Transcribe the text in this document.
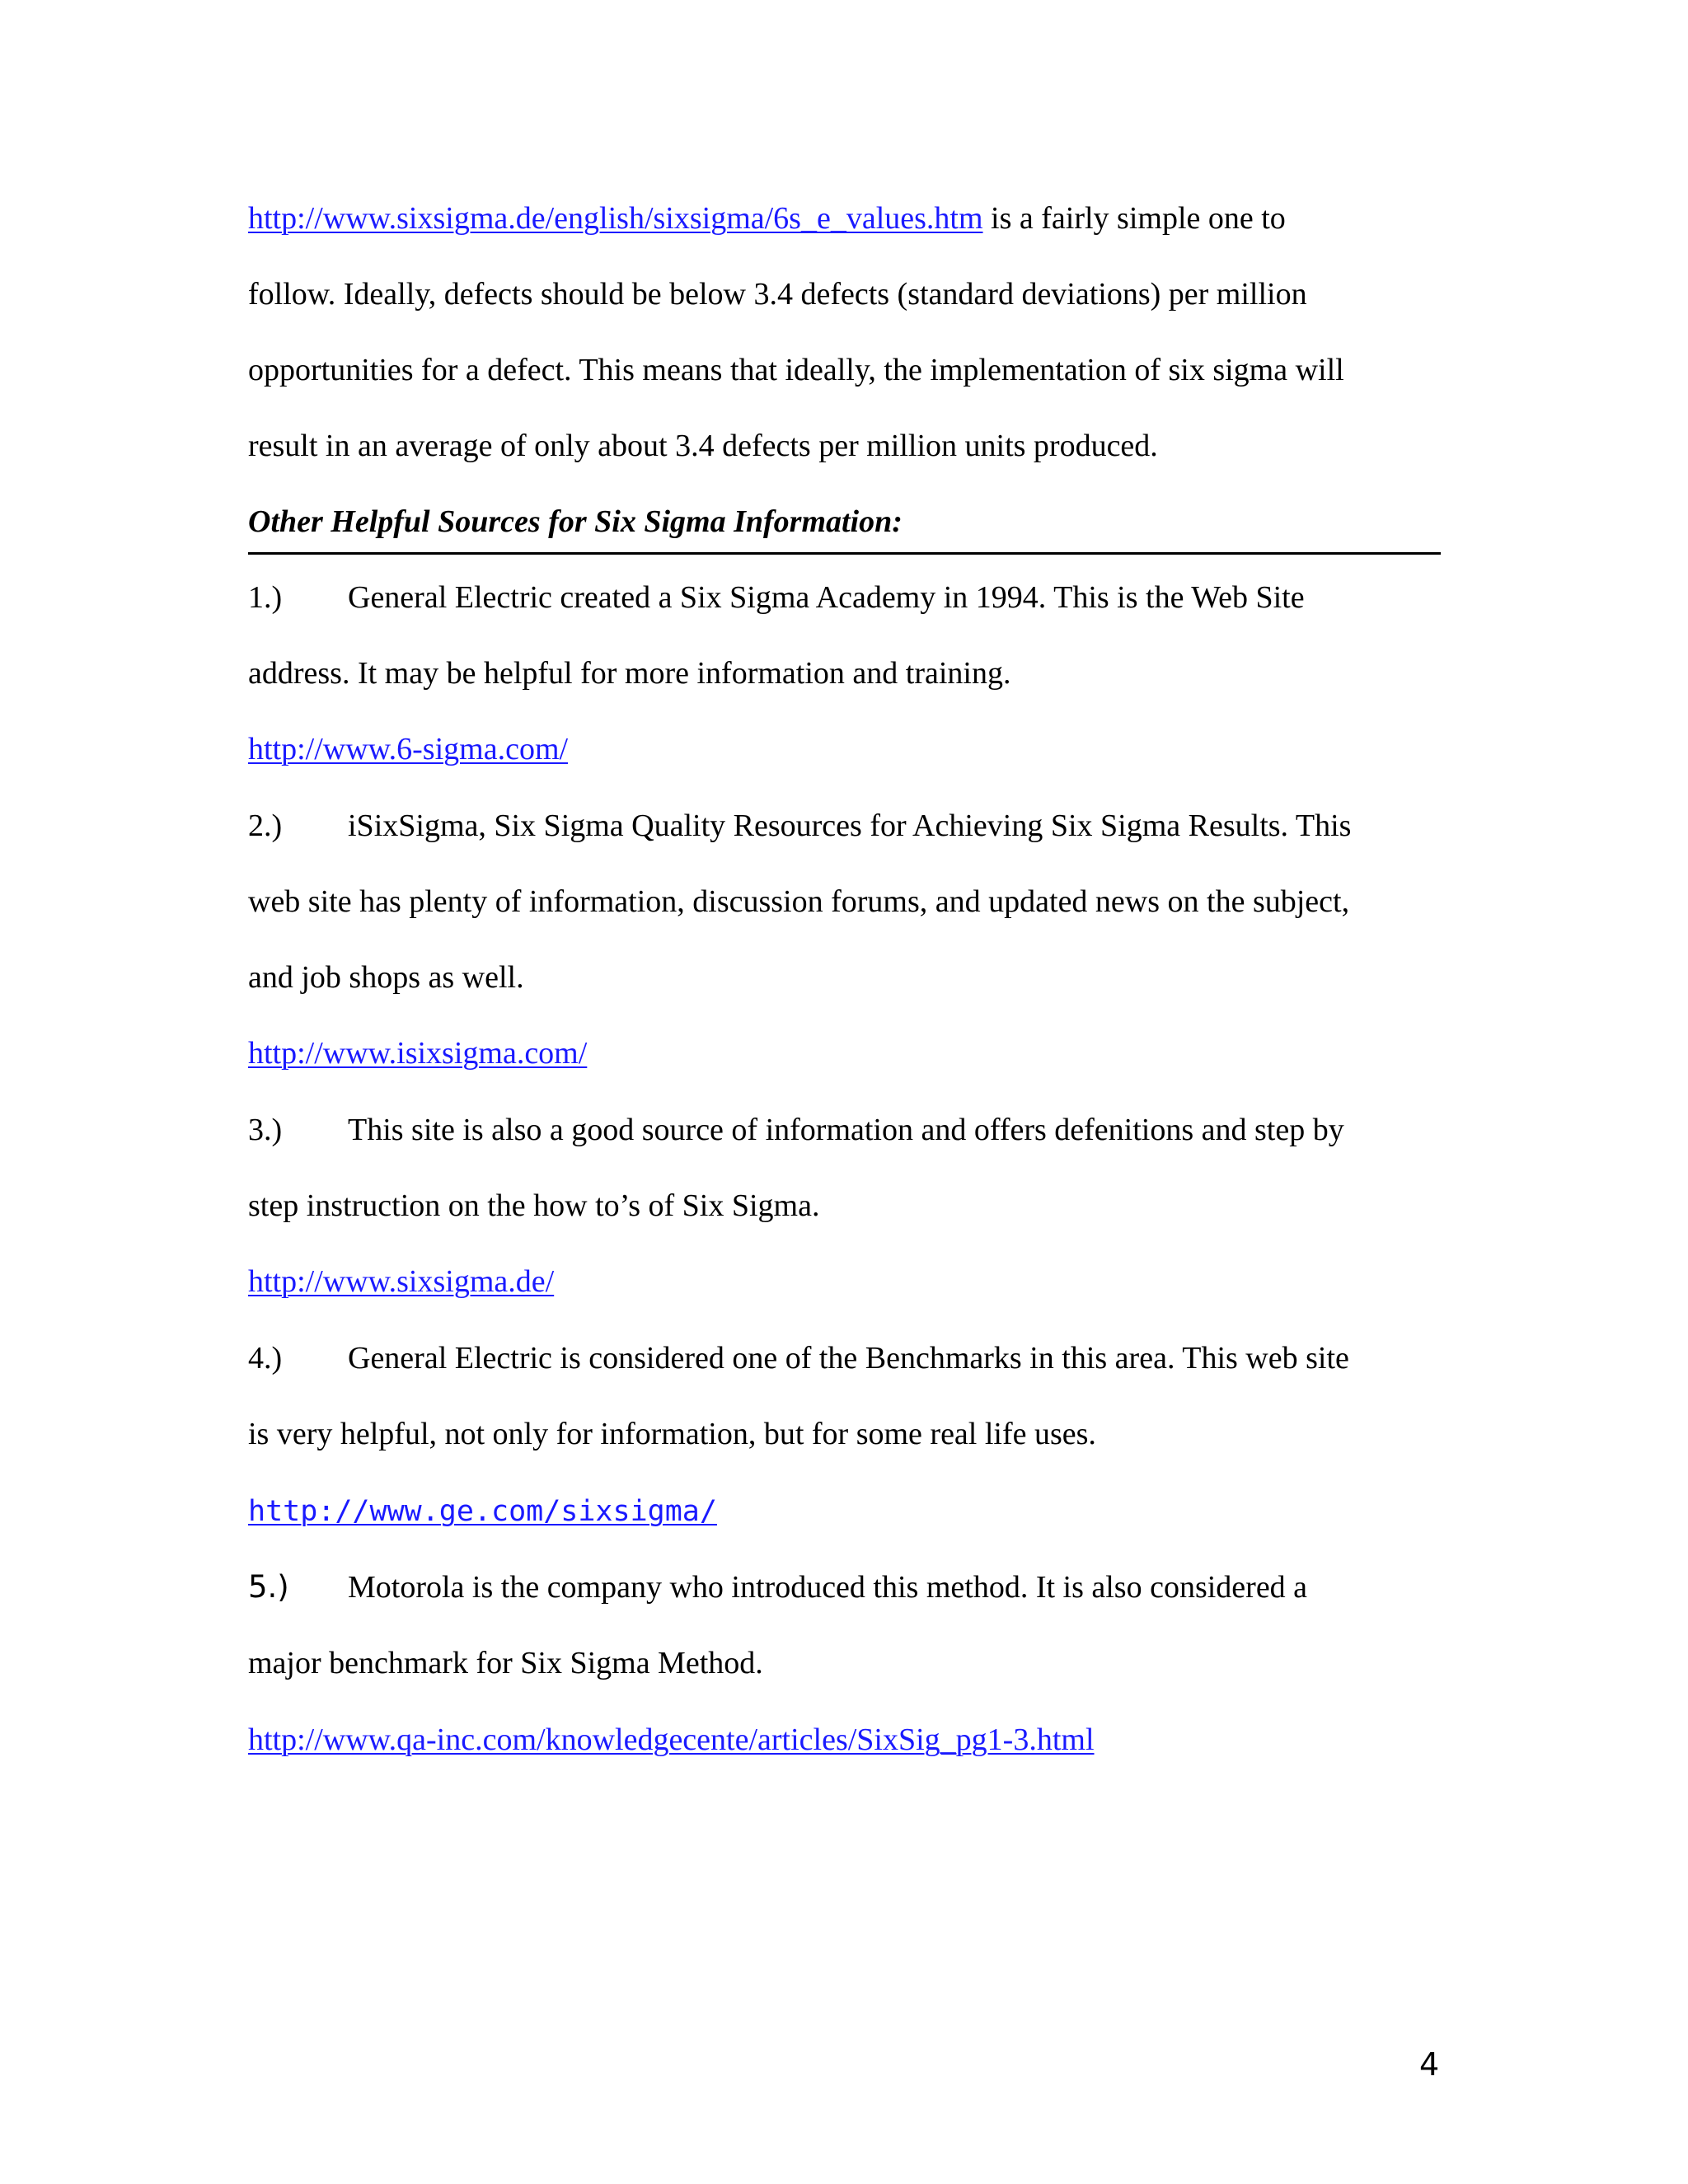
http://www.sixsigma.de/english/sixsigma/6s_e_values.htm is a fairly simple one to
follow. Ideally, defects should be below 3.4 defects (standard deviations) per million
opportunities for a defect. This means that ideally, the implementation of six sigma will
result in an average of only about 3.4 defects per million units produced.
Other Helpful Sources for Six Sigma Information:
1.) General Electric created a Six Sigma Academy in 1994. This is the Web Site
address. It may be helpful for more information and training.
http://www.6-sigma.com/
2.) iSixSigma, Six Sigma Quality Resources for Achieving Six Sigma Results. This
web site has plenty of information, discussion forums, and updated news on the subject,
and job shops as well.
http://www.isixsigma.com/
3.) This site is also a good source of information and offers defenitions and step by
step instruction on the how to’s of Six Sigma.
http://www.sixsigma.de/
4.) General Electric is considered one of the Benchmarks in this area. This web site
is very helpful, not only for information, but for some real life uses.
http://www.ge.com/sixsigma/
5.) Motorola is the company who introduced this method. It is also considered a
major benchmark for Six Sigma Method.
http://www.qa-inc.com/knowledgecente/articles/SixSig_pg1-3.html
4
